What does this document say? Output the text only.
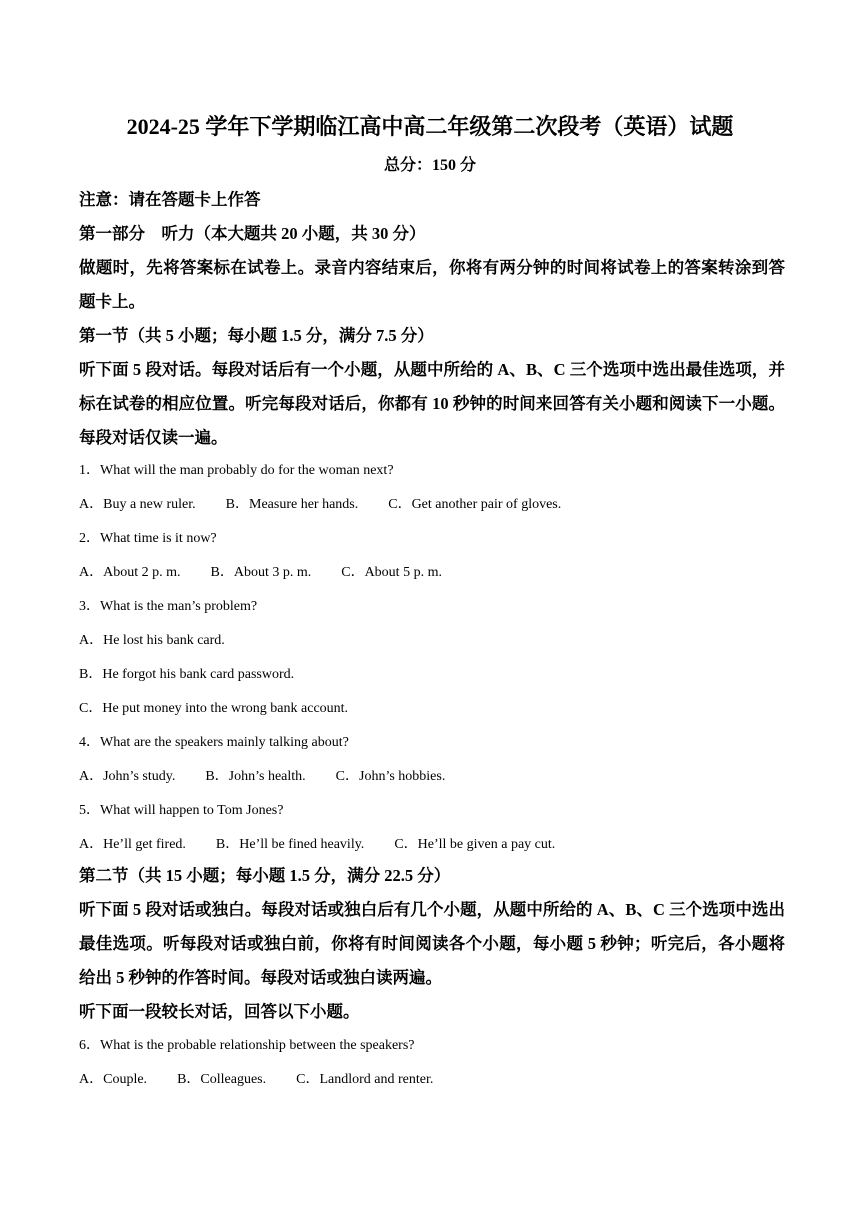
2024-25 学年下学期临江高中高二年级第二次段考（英语）试题
总分：150 分

注意：请在答题卡上作答

第一部分　听力（本大题共 20 小题，共 30 分）

做题时，先将答案标在试卷上。录音内容结束后，你将有两分钟的时间将试卷上的答案转涂到答题卡上。

第一节（共 5 小题；每小题 1.5 分，满分 7.5 分）

听下面 5 段对话。每段对话后有一个小题，从题中所给的 A、B、C 三个选项中选出最佳选项，并标在试卷的相应位置。听完每段对话后，你都有 10 秒钟的时间来回答有关小题和阅读下一小题。每段对话仅读一遍。

1．What will the man probably do for the woman next?

A．Buy a new ruler. B．Measure her hands. C．Get another pair of gloves.

2．What time is it now?

A．About 2 p. m. B．About 3 p. m. C．About 5 p. m.

3．What is the man’s problem?

A．He lost his bank card.

B．He forgot his bank card password.

C．He put money into the wrong bank account.

4．What are the speakers mainly talking about?

A．John’s study. B．John’s health. C．John’s hobbies.

5．What will happen to Tom Jones?

A．He’ll get fired. B．He’ll be fined heavily. C．He’ll be given a pay cut.

第二节（共 15 小题；每小题 1.5 分，满分 22.5 分）

听下面 5 段对话或独白。每段对话或独白后有几个小题，从题中所给的 A、B、C 三个选项中选出最佳选项。听每段对话或独白前，你将有时间阅读各个小题，每小题 5 秒钟；听完后，各小题将给出 5 秒钟的作答时间。每段对话或独白读两遍。

听下面一段较长对话，回答以下小题。

6．What is the probable relationship between the speakers?

A．Couple. B．Colleagues. C．Landlord and renter.
